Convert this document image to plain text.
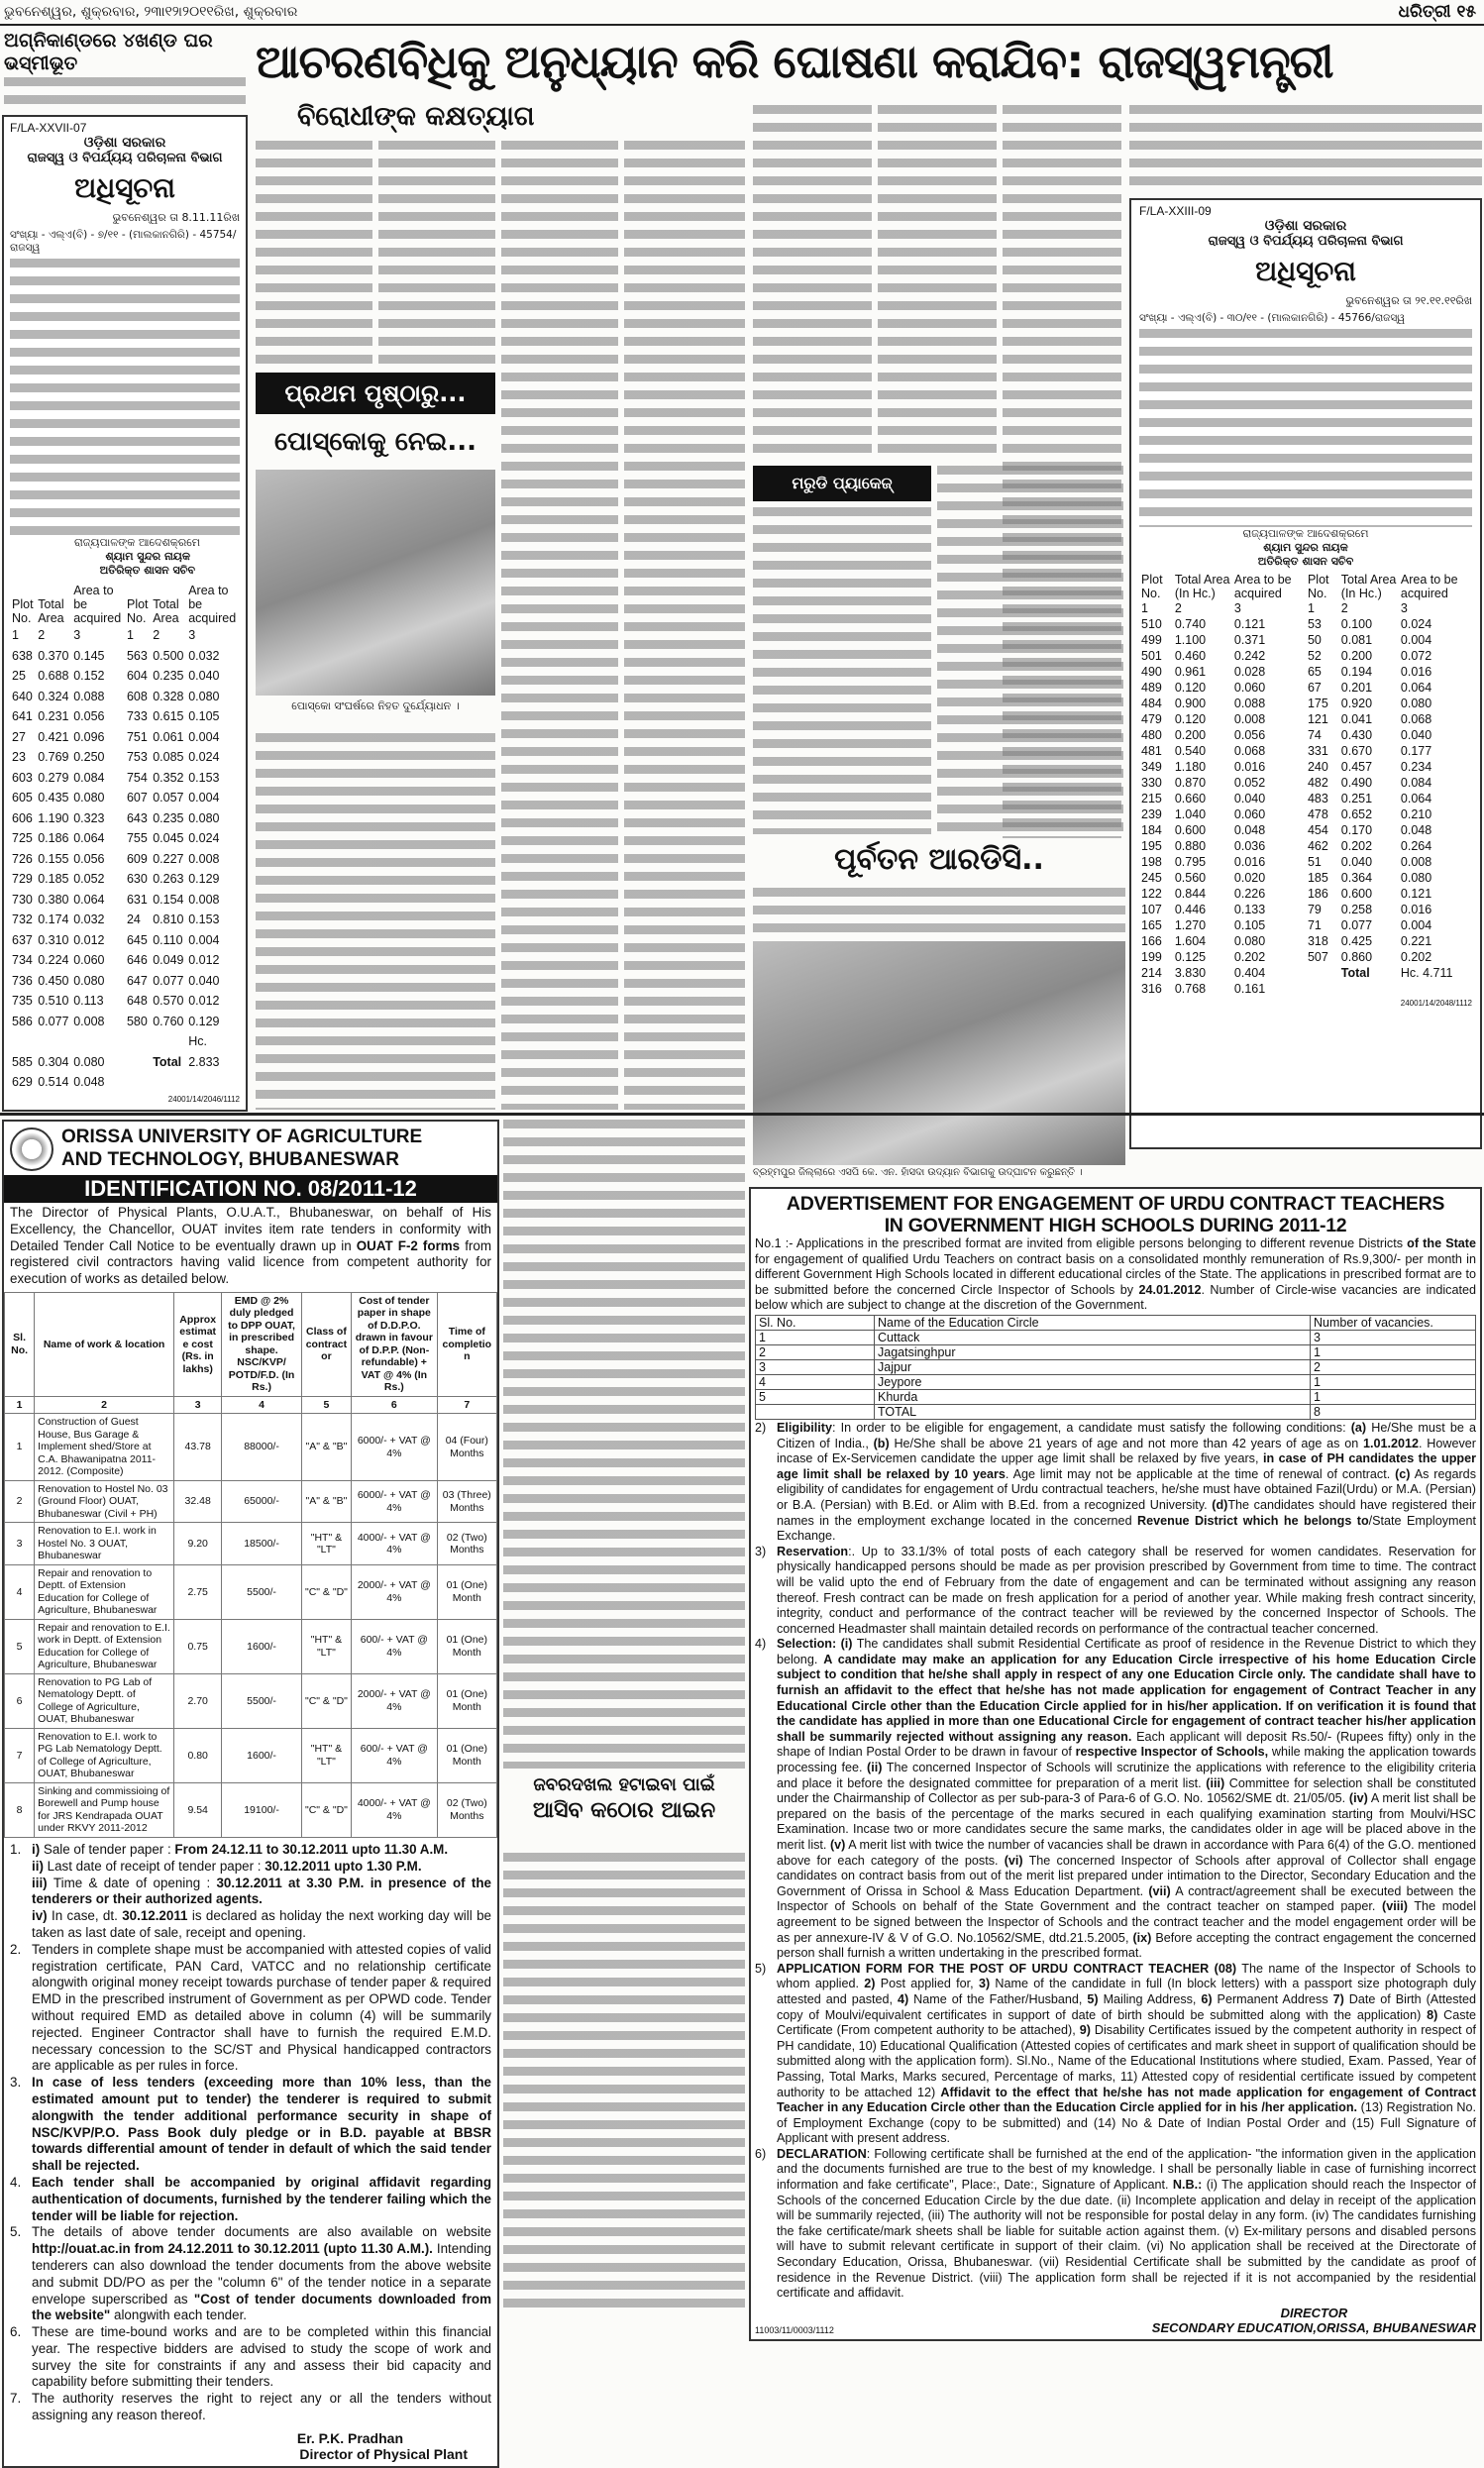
ଭୁବନେଶ୍ୱର, ଶୁକ୍ରବାର, ୨୩ା୧୨ା୨୦୧୧ରିଖ, ଶୁକ୍ରବାର	ଧରିତ୍ରୀ ୧୫
ଅଗ୍ନିକାଣ୍ଡରେ ୪ଖଣ୍ଡ ଘର ଭସ୍ମୀଭୂତ	ଆଚରଣବିଧିକୁ ଅନୁଧ୍ୟାନ କରି ଘୋଷଣା କରାଯିବ: ରାଜସ୍ୱମନ୍ତ୍ରୀ
F/LA-XXVII-07
ଓଡ଼ିଶା ସରକାର
ରାଜସ୍ୱ ଓ ବିପର୍ଯ୍ୟୟ ପରିଚାଳନା ବିଭାଗ
ଅଧିସୂଚନା
ଭୁବନେଶ୍ୱର ତା 8.11.11ରିଖ
ସଂଖ୍ୟା - ଏଲ୍‌ଏ(ବି) - ୭/୧୧ - (ମାଲକାନଗିରି) - 45754/ରାଜସ୍ୱ
ରାଜ୍ୟପାଳଙ୍କ ଆଦେଶକ୍ରମେ
ଶ୍ୟାମ ସୁନ୍ଦର ନାୟକ
ଅତିରିକ୍ତ ଶାସନ ସଚିବ
Plot No.	Total Area	Area to be acquired	Plot No.	Total Area	Area to be acquired
1	2	3	1	2	3
638	0.370	0.145	563	0.500	0.032
25	0.688	0.152	604	0.235	0.040
640	0.324	0.088	608	0.328	0.080
641	0.231	0.056	733	0.615	0.105
27	0.421	0.096	751	0.061	0.004
23	0.769	0.250	753	0.085	0.024
603	0.279	0.084	754	0.352	0.153
605	0.435	0.080	607	0.057	0.004
606	1.190	0.323	643	0.235	0.080
725	0.186	0.064	755	0.045	0.024
726	0.155	0.056	609	0.227	0.008
729	0.185	0.052	630	0.263	0.129
730	0.380	0.064	631	0.154	0.008
732	0.174	0.032	24	0.810	0.153
637	0.310	0.012	645	0.110	0.004
734	0.224	0.060	646	0.049	0.012
736	0.450	0.080	647	0.077	0.040
735	0.510	0.113	648	0.570	0.012
586	0.077	0.008	580	0.760	0.129
585	0.304	0.080		Total	Hc. 2.833
629	0.514	0.048			
24001/14/2046/1112
ବିରୋଧୀଙ୍କ କକ୍ଷତ୍ୟାଗ
ପ୍ରଥମ ପୃଷ୍ଠାରୁ...
ପୋସ୍କୋକୁ ନେଇ...
ପୋସ୍କୋ ସଂଘର୍ଷରେ ନିହତ ଦୁର୍ଯ୍ୟୋଧନ ।
ମରୁଡି ପ୍ୟାକେଜ୍
ପୂର୍ବତନ ଆରଡିସି..
ବ୍ରହ୍ମପୁର ଜିଲ୍ଲାରେ ଏସପି କେ. ଏନ. ହାଁସଦା ଉଦ୍ୟାନ ବିଭାଗକୁ ଉଦ୍‌ଘାଟନ କରୁଛନ୍ତି ।
F/LA-XXIII-09
ଓଡ଼ିଶା ସରକାର
ରାଜସ୍ୱ ଓ ବିପର୍ଯ୍ୟୟ ପରିଚାଳନା ବିଭାଗ
ଅଧିସୂଚନା
ଭୁବନେଶ୍ୱର ତା ୨୧.୧୧.୧୧ରିଖ
ସଂଖ୍ୟା - ଏଲ୍‌ଏ(ବି) - ୩୦/୧୧ - (ମାଲକାନଗିରି) - 45766/ରାଜସ୍ୱ
ରାଜ୍ୟପାଳଙ୍କ ଆଦେଶକ୍ରମେ
ଶ୍ୟାମ ସୁନ୍ଦର ନାୟକ
ଅତିରିକ୍ତ ଶାସନ ସଚିବ
Plot No.	Total Area (In Hc.)	Area to be acquired	Plot No.	Total Area (In Hc.)	Area to be acquired
1	2	3	1	2	3
510	0.740	0.121	53	0.100	0.024
499	1.100	0.371	50	0.081	0.004
501	0.460	0.242	52	0.200	0.072
490	0.961	0.028	65	0.194	0.016
489	0.120	0.060	67	0.201	0.064
484	0.900	0.088	175	0.920	0.080
479	0.120	0.008	121	0.041	0.068
480	0.200	0.056	74	0.430	0.040
481	0.540	0.068	331	0.670	0.177
349	1.180	0.016	240	0.457	0.234
330	0.870	0.052	482	0.490	0.084
215	0.660	0.040	483	0.251	0.064
239	1.040	0.060	478	0.652	0.210
184	0.600	0.048	454	0.170	0.048
195	0.880	0.036	462	0.202	0.264
198	0.795	0.016	51	0.040	0.008
245	0.560	0.020	185	0.364	0.080
122	0.844	0.226	186	0.600	0.121
107	0.446	0.133	79	0.258	0.016
165	1.270	0.105	71	0.077	0.004
166	1.604	0.080	318	0.425	0.221
199	0.125	0.202	507	0.860	0.202
214	3.830	0.404		Total	Hc. 4.711
316	0.768	0.161			
24001/14/2048/1112
ORISSA UNIVERSITY OF AGRICULTURE
AND TECHNOLOGY, BHUBANESWAR
IDENTIFICATION NO. 08/2011-12

The Director of Physical Plants, O.U.A.T., Bhubaneswar, on behalf of His Excellency, the Chancellor, OUAT invites item rate tenders in conformity with Detailed Tender Call Notice to be eventually drawn up in OUAT F-2 forms from registered civil contractors having valid licence from competent authority for execution of works as detailed below.

Sl. No.	Name of work & location	Approx estimate cost (Rs. in lakhs)	EMD @ 2% duly pledged to DPP OUAT, in prescribed shape. NSC/KVP/ POTD/F.D. (In Rs.)	Class of contractor	Cost of tender paper in shape of D.D.P.O. drawn in favour of D.P.P. (Non-refundable) + VAT @ 4% (In Rs.)	Time of completion
1	2	3	4	5	6	7
1	Construction of Guest House, Bus Garage & Implement shed/Store at C.A. Bhawanipatna 2011-2012. (Composite)	43.78	88000/-	"A" & "B"	6000/- + VAT @ 4%	04 (Four) Months
2	Renovation to Hostel No. 03 (Ground Floor) OUAT, Bhubaneswar (Civil + PH)	32.48	65000/-	"A" & "B"	6000/- + VAT @ 4%	03 (Three) Months
3	Renovation to E.I. work in Hostel No. 3 OUAT, Bhubaneswar	9.20	18500/-	"HT" & "LT"	4000/- + VAT @ 4%	02 (Two) Months
4	Repair and renovation to Deptt. of Extension Education for College of Agriculture, Bhubaneswar	2.75	5500/-	"C" & "D"	2000/- + VAT @ 4%	01 (One) Month
5	Repair and renovation to E.I. work in Deptt. of Extension Education for College of Agriculture, Bhubaneswar	0.75	1600/-	"HT" & "LT"	600/- + VAT @ 4%	01 (One) Month
6	Renovation to PG Lab of Nematology Deptt. of College of Agriculture, OUAT, Bhubaneswar	2.70	5500/-	"C" & "D"	2000/- + VAT @ 4%	01 (One) Month
7	Renovation to E.I. work to PG Lab Nematology Deptt. of College of Agriculture, OUAT, Bhubaneswar	0.80	1600/-	"HT" & "LT"	600/- + VAT @ 4%	01 (One) Month
8	Sinking and commissioing of Borewell and Pump house for JRS Kendrapada OUAT under RKVY 2011-2012	9.54	19100/-	"C" & "D"	4000/- + VAT @ 4%	02 (Two) Months
1. i) Sale of tender paper : From 24.12.11 to 30.12.2011 upto 11.30 A.M.

ii) Last date of receipt of tender paper : 30.12.2011 upto 1.30 P.M.

iii) Time & date of opening : 30.12.2011 at 3.30 P.M. in presence of the tenderers or their authorized agents.

iv) In case, dt. 30.12.2011 is declared as holiday the next working day will be taken as last date of sale, receipt and opening.

2. Tenders in complete shape must be accompanied with attested copies of valid registration certificate, PAN Card, VATCC and no relationship certificate alongwith original money receipt towards purchase of tender paper & required EMD in the prescribed instrument of Government as per OPWD code. Tender without required EMD as detailed above in column (4) will be summarily rejected. Engineer Contractor shall have to furnish the required E.M.D. necessary concession to the SC/ST and Physical handicapped contractors are applicable as per rules in force.

3. In case of less tenders (exceeding more than 10% less, than the estimated amount put to tender) the tenderer is required to submit alongwith the tender additional performance security in shape of NSC/KVP/P.O. Pass Book duly pledge or in B.D. payable at BBSR towards differential amount of tender in default of which the said tender shall be rejected.

4. Each tender shall be accompanied by original affidavit regarding authentication of documents, furnished by the tenderer failing which the tender will be liable for rejection.

5. The details of above tender documents are also available on website http://ouat.ac.in from 24.12.2011 to 30.12.2011 (upto 11.30 A.M.). Intending tenderers can also download the tender documents from the above website and submit DD/PO as per the "column 6" of the tender notice in a separate envelope superscribed as "Cost of tender documents downloaded from the website" alongwith each tender.

6. These are time-bound works and are to be completed within this financial year. The respective bidders are advised to study the scope of work and survey the site for constraints if any and assess their bid capacity and capability before submitting their tenders.

7. The authority reserves the right to reject any or all the tenders without assigning any reason thereof.

Er. P.K. Pradhan
Director of Physical Plant
ଜବରଦଖଲ ହଟାଇବା ପାଇଁ
ଆସିବ କଠୋର ଆଇନ
ADVERTISEMENT FOR ENGAGEMENT OF URDU CONTRACT TEACHERS
IN GOVERNMENT HIGH SCHOOLS DURING 2011-12

No.1 :- Applications in the prescribed format are invited from eligible persons belonging to different revenue Districts of the State for engagement of qualified Urdu Teachers on contract basis on a consolidated monthly remuneration of Rs.9,300/- per month in different Government High Schools located in different educational circles of the State. The applications in prescribed format are to be submitted before the concerned Circle Inspector of Schools by 24.01.2012. Number of Circle-wise vacancies are indicated below which are subject to change at the discretion of the Government.

Sl. No.	Name of the Education Circle	Number of vacancies.
1	Cuttack	3
2	Jagatsinghpur	1
3	Jajpur	2
4	Jeypore	1
5	Khurda	1
	TOTAL	8
2) Eligibility: In order to be eligible for engagement, a candidate must satisfy the following conditions: (a) He/She must be a Citizen of India., (b) He/She shall be above 21 years of age and not more than 42 years of age as on 1.01.2012. However incase of Ex-Servicemen candidate the upper age limit shall be relaxed by five years, in case of PH candidates the upper age limit shall be relaxed by 10 years. Age limit may not be applicable at the time of renewal of contract. (c) As regards eligibility of candidates for engagement of Urdu contractual teachers, he/she must have obtained Fazil(Urdu) or M.A. (Persian) or B.A. (Persian) with B.Ed. or Alim with B.Ed. from a recognized University. (d)The candidates should have registered their names in the employment exchange located in the concerned Revenue District which he belongs to/State Employment Exchange.

3) Reservation:. Up to 33.1/3% of total posts of each category shall be reserved for women candidates. Reservation for physically handicapped persons should be made as per provision prescribed by Government from time to time. The contract will be valid upto the end of February from the date of engagement and can be terminated without assigning any reason thereof. Fresh contract can be made on fresh application for a period of another year. While making fresh contract sincerity, integrity, conduct and performance of the contract teacher will be reviewed by the concerned Inspector of Schools. The concerned Headmaster shall maintain detailed records on performance of the contractual teacher concerned.

4) Selection: (i) The candidates shall submit Residential Certificate as proof of residence in the Revenue District to which they belong. A candidate may make an application for any Education Circle irrespective of his home Education Circle subject to condition that he/she shall apply in respect of any one Education Circle only. The candidate shall have to furnish an affidavit to the effect that he/she has not made application for engagement of Contract Teacher in any Educational Circle other than the Education Circle applied for in his/her application. If on verification it is found that the candidate has applied in more than one Educational Circle for engagement of contract teacher his/her application shall be summarily rejected without assigning any reason. Each applicant will deposit Rs.50/- (Rupees fifty) only in the shape of Indian Postal Order to be drawn in favour of respective Inspector of Schools, while making the application towards processing fee. (ii) The concerned Inspector of Schools will scrutinize the applications with reference to the eligibility criteria and place it before the designated committee for preparation of a merit list. (iii) Committee for selection shall be constituted under the Chairmanship of Collector as per sub-para-3 of Para-6 of G.O. No. 10562/SME dt. 21/05/05. (iv) A merit list shall be prepared on the basis of the percentage of the marks secured in each qualifying examination starting from Moulvi/HSC Examination. Incase two or more candidates secure the same marks, the candidates older in age will be placed above in the merit list. (v) A merit list with twice the number of vacancies shall be drawn in accordance with Para 6(4) of the G.O. mentioned above for each category of the posts. (vi) The concerned Inspector of Schools after approval of Collector shall engage candidates on contract basis from out of the merit list prepared under intimation to the Director, Secondary Education and the Government of Orissa in School & Mass Education Department. (vii) A contract/agreement shall be executed between the Inspector of Schools on behalf of the State Government and the contract teacher on stamped paper. (viii) The model agreement to be signed between the Inspector of Schools and the contract teacher and the model engagement order will be as per annexure-IV & V of G.O. No.10562/SME, dtd.21.5.2005, (ix) Before accepting the contract engagement the concerned person shall furnish a written undertaking in the prescribed format.

5) APPLICATION FORM FOR THE POST OF URDU CONTRACT TEACHER (08) The name of the Inspector of Schools to whom applied. 2) Post applied for, 3) Name of the candidate in full (In block letters) with a passport size photograph duly attested and pasted, 4) Name of the Father/Husband, 5) Mailing Address, 6) Permanent Address 7) Date of Birth (Attested copy of Moulvi/equivalent certificates in support of date of birth should be submitted along with the application) 8) Caste Certificate (From competent authority to be attached), 9) Disability Certificates issued by the competent authority in respect of PH candidate, 10) Educational Qualification (Attested copies of certificates and mark sheet in support of qualification should be submitted along with the application form). Sl.No., Name of the Educational Institutions where studied, Exam. Passed, Year of Passing, Total Marks, Marks secured, Percentage of marks, 11) Attested copy of residential certificate issued by competent authority to be attached 12) Affidavit to the effect that he/she has not made application for engagement of Contract Teacher in any Education Circle other than the Education Circle applied for in his /her application. (13) Registration No. of Employment Exchange (copy to be submitted) and (14) No & Date of Indian Postal Order and (15) Full Signature of Applicant with present address.

6) DECLARATION: Following certificate shall be furnished at the end of the application- "the information given in the application and the documents furnished are true to the best of my knowledge. I shall be personally liable in case of furnishing incorrect information and fake certificate", Place:, Date:, Signature of Applicant. N.B.: (i) The application should reach the Inspector of Schools of the concerned Education Circle by the due date. (ii) Incomplete application and delay in receipt of the application will be summarily rejected, (iii) The authority will not be responsible for postal delay in any form. (iv) The candidates furnishing the fake certificate/mark sheets shall be liable for suitable action against them. (v) Ex-military persons and disabled persons will have to submit relevant certificate in support of their claim. (vi) No application shall be received at the Directorate of Secondary Education, Orissa, Bhubaneswar. (vii) Residential Certificate shall be submitted by the candidate as proof of residence in the Revenue District. (viii) The application form shall be rejected if it is not accompanied by the residential certificate and affidavit.

11003/11/0003/1112
DIRECTOR
SECONDARY EDUCATION,ORISSA, BHUBANESWAR
